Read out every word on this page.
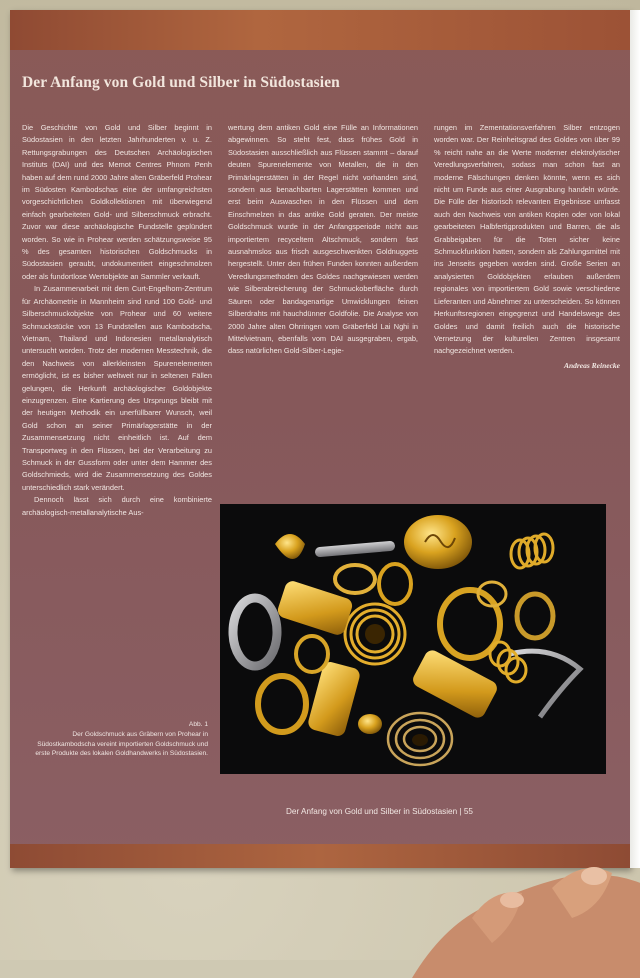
Der Anfang von Gold und Silber in Südostasien

Die Geschichte von Gold und Silber beginnt in Südostasien in den letzten Jahrhunderten v. u. Z. Rettungsgrabungen des Deutschen Archäologischen Instituts (DAI) und des Memot Centres Phnom Penh haben auf dem rund 2000 Jahre alten Gräberfeld Prohear im Südosten Kambodschas eine der umfangreichsten vorgeschichtlichen Goldkollektionen mit überwiegend einfach gearbeiteten Gold- und Silberschmuck erbracht. Zuvor war diese archäologische Fundstelle geplündert worden. So wie in Prohear werden schätzungsweise 95 % des gesamten historischen Goldschmucks in Südostasien geraubt, undokumentiert eingeschmolzen oder als fundortlose Wertobjekte an Sammler verkauft.

In Zusammenarbeit mit dem Curt-Engelhorn-Zentrum für Archäometrie in Mannheim sind rund 100 Gold- und Silberschmuckobjekte von Prohear und 60 weitere Schmuckstücke von 13 Fundstellen aus Kambodscha, Vietnam, Thailand und Indonesien metallanalytisch untersucht worden. Trotz der modernen Messtechnik, die den Nachweis von allerkleinsten Spurenelementen ermöglicht, ist es bisher weltweit nur in seltenen Fällen gelungen, die Herkunft archäologischer Goldobjekte einzugrenzen. Eine Kartierung des Ursprungs bleibt mit der heutigen Methodik ein unerfüllbarer Wunsch, weil Gold schon an seiner Primärlagerstätte in der Zusammensetzung nicht einheitlich ist. Auf dem Transportweg in den Flüssen, bei der Verarbeitung zu Schmuck in der Gussform oder unter dem Hammer des Goldschmieds, wird die Zusammensetzung des Goldes unterschiedlich stark verändert.

Dennoch lässt sich durch eine kombinierte archäologisch-metallanalytische Aus-

wertung dem antiken Gold eine Fülle an Informationen abgewinnen. So steht fest, dass frühes Gold in Südostasien ausschließlich aus Flüssen stammt – darauf deuten Spurenelemente von Metallen, die in den Primärlagerstätten in der Regel nicht vorhanden sind, sondern aus benachbarten Lagerstätten kommen und erst beim Auswaschen in den Flüssen und dem Einschmelzen in das antike Gold geraten. Der meiste Goldschmuck wurde in der Anfangsperiode nicht aus importiertem recyceltem Altschmuck, sondern fast ausnahmslos aus frisch ausgeschwenkten Goldnuggets hergestellt. Unter den frühen Funden konnten außerdem Veredlungsmethoden des Goldes nachgewiesen werden wie Silberabreicherung der Schmuckoberfläche durch Säuren oder bandagenartige Umwicklungen feinen Silberdrahts mit hauchdünner Goldfolie. Die Analyse von 2000 Jahre alten Ohrringen vom Gräberfeld Lai Nghi in Mittelvietnam, ebenfalls vom DAI ausgegraben, ergab, dass natürlichen Gold-Silber-Legie-

rungen im Zementationsverfahren Silber entzogen worden war. Der Reinheitsgrad des Goldes von über 99 % reicht nahe an die Werte moderner elektrolytischer Veredlungsverfahren, sodass man schon fast an moderne Fälschungen denken könnte, wenn es sich nicht um Funde aus einer Ausgrabung handeln würde. Die Fülle der historisch relevanten Ergebnisse umfasst auch den Nachweis von antiken Kopien oder von lokal gearbeiteten Halbfertigprodukten und Barren, die als Grabbeigaben für die Toten sicher keine Schmuckfunktion hatten, sondern als Zahlungsmittel mit ins Jenseits gegeben worden sind. Große Serien an analysierten Goldobjekten erlauben außerdem regionales von importiertem Gold sowie verschiedene Lieferanten und Abnehmer zu unterscheiden. So können Herkunftsregionen eingegrenzt und Handelswege des Goldes und damit freilich auch die historische Vernetzung der kulturellen Zentren insgesamt nachgezeichnet werden.

Andreas Reinecke
Abb. 1
Der Goldschmuck aus Gräbern von Prohear in Südostkambodscha vereint importierten Goldschmuck und erste Produkte des lokalen Goldhandwerks in Südostasien.
Der Anfang von Gold und Silber in Südostasien | 55
